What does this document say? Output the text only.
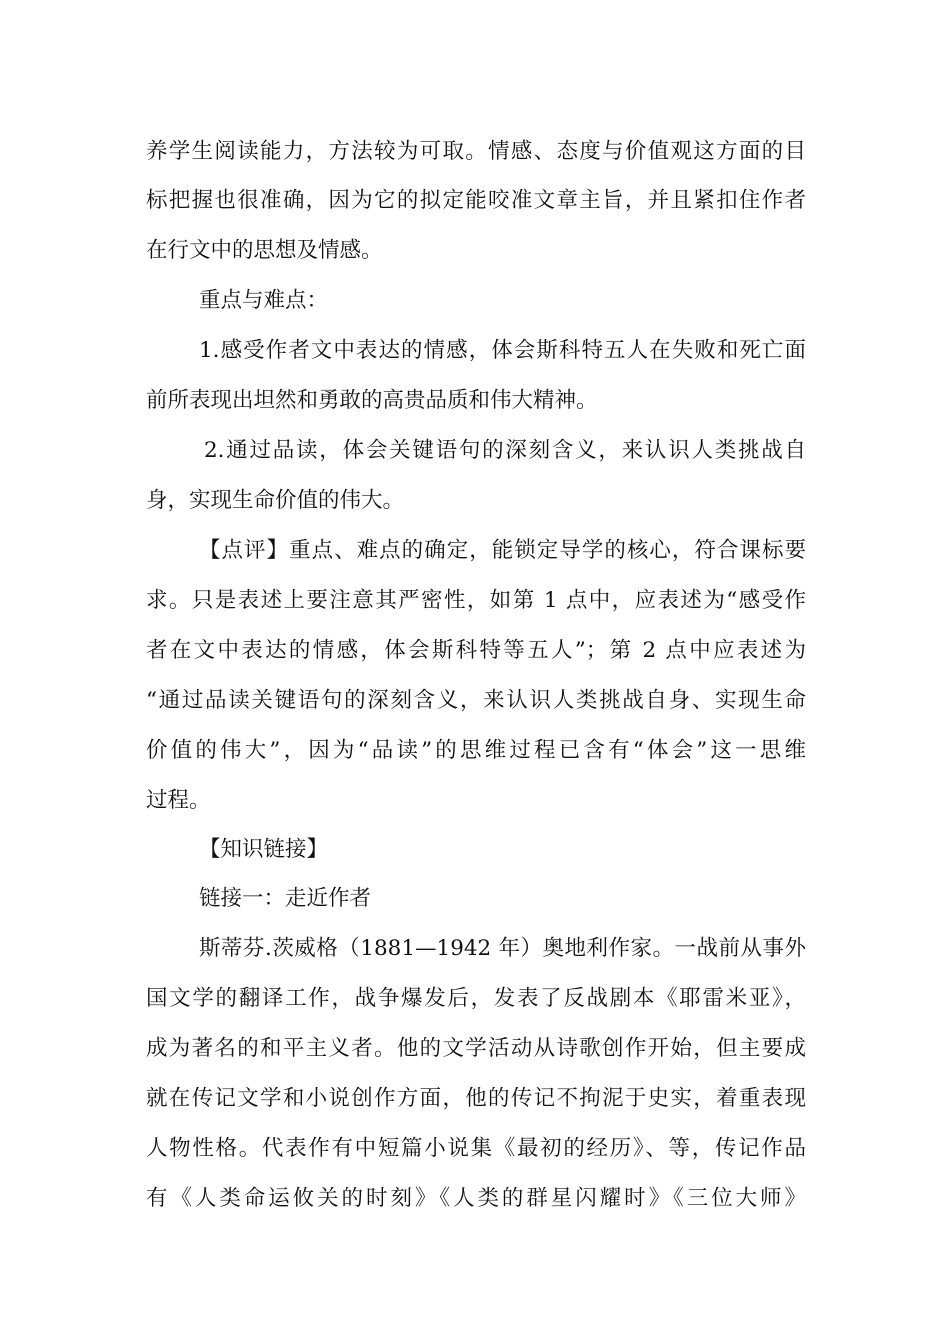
养学生阅读能力，方法较为可取。情感、态度与价值观这方面的目
标把握也很准确，因为它的拟定能咬准文章主旨，并且紧扣住作者
在行文中的思想及情感。
重点与难点：
1.感受作者文中表达的情感，体会斯科特五人在失败和死亡面
前所表现出坦然和勇敢的高贵品质和伟大精神。
2.通过品读，体会关键语句的深刻含义，来认识人类挑战自
身，实现生命价值的伟大。
【点评】重点、难点的确定，能锁定导学的核心，符合课标要
求。只是表述上要注意其严密性，如第 1 点中，应表述为“感受作
者在文中表达的情感，体会斯科特等五人”；第 2 点中应表述为
“通过品读关键语句的深刻含义，来认识人类挑战自身、实现生命
价值的伟大”，因为“品读”的思维过程已含有“体会”这一思维
过程。
【知识链接】
链接一：走近作者
斯蒂芬.茨威格（1881—1942 年）奥地利作家。一战前从事外
国文学的翻译工作，战争爆发后，发表了反战剧本《耶雷米亚》，
成为著名的和平主义者。他的文学活动从诗歌创作开始，但主要成
就在传记文学和小说创作方面，他的传记不拘泥于史实，着重表现
人物性格。代表作有中短篇小说集《最初的经历》、等，传记作品
有《人类命运攸关的时刻》《人类的群星闪耀时》《三位大师》
